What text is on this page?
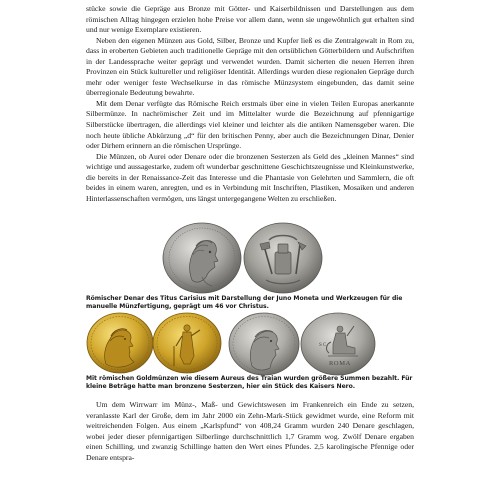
stücke sowie die Gepräge aus Bronze mit Götter- und Kaiserbildnissen und Darstellungen aus dem römischen Alltag hingegen erzielen hohe Preise vor allem dann, wenn sie ungewöhnlich gut erhalten sind und nur wenige Exemplare existieren.

Neben den eigenen Münzen aus Gold, Silber, Bronze und Kupfer ließ es die Zentralgewalt in Rom zu, dass in eroberten Gebieten auch traditionelle Gepräge mit den ortsüblichen Götterbildern und Aufschriften in der Landessprache weiter geprägt und verwendet wurden. Damit sicherten die neuen Herren ihren Provinzen ein Stück kultureller und religiöser Identität. Allerdings wurden diese regionalen Gepräge durch mehr oder weniger feste Wechselkurse in das römische Münzsystem eingebunden, das damit seine überregionale Bedeutung bewahrte.

Mit dem Denar verfügte das Römische Reich erstmals über eine in vielen Teilen Europas anerkannte Silbermünze. In nachrömischer Zeit und im Mittelalter wurde die Bezeichnung auf pfennigartige Silberstücke übertragen, die allerdings viel kleiner und leichter als die antiken Namensgeber waren. Die noch heute übliche Abkürzung „d“ für den britischen Penny, aber auch die Bezeichnungen Dinar, Denier oder Dirhem erinnern an die römischen Ursprünge.

Die Münzen, ob Aurei oder Denare oder die bronzenen Sesterzen als Geld des „kleinen Mannes“ sind wichtige und aussagestarke, zudem oft wunderbar geschnittene Geschichtszeugnisse und Kleinkunstwerke, die bereits in der Renaissance-Zeit das Interesse und die Phantasie von Gelehrten und Sammlern, die oft beides in einem waren, anregten, und es in Verbindung mit Inschriften, Plastiken, Mosaiken und anderen Hinterlassenschaften vermögen, uns längst untergegangene Welten zu erschließen.

Römischer Denar des Titus Carisius mit Darstellung der Juno Moneta und Werkzeugen für die manuelle Münzfertigung, geprägt um 46 vor Christus.
S C
ROMA
Mit römischen Goldmünzen wie diesem Aureus des Traian wurden größere Summen bezahlt. Für kleine Beträge hatte man bronzene Sesterzen, hier ein Stück des Kaisers Nero.

Um dem Wirrwarr im Münz-, Maß- und Gewichtswesen im Frankenreich ein Ende zu setzen, veranlasste Karl der Große, dem im Jahr 2000 ein Zehn-Mark-Stück gewidmet wurde, eine Reform mit weitreichenden Folgen. Aus einem „Karlspfund“ von 408,24 Gramm wurden 240 Denare geschlagen, wobei jeder dieser pfennigartigen Silberlinge durchschnittlich 1,7 Gramm wog. Zwölf Denare ergaben einen Schilling, und zwanzig Schillinge hatten den Wert eines Pfundes. 2,5 karolingische Pfennige oder Denare entspra-
